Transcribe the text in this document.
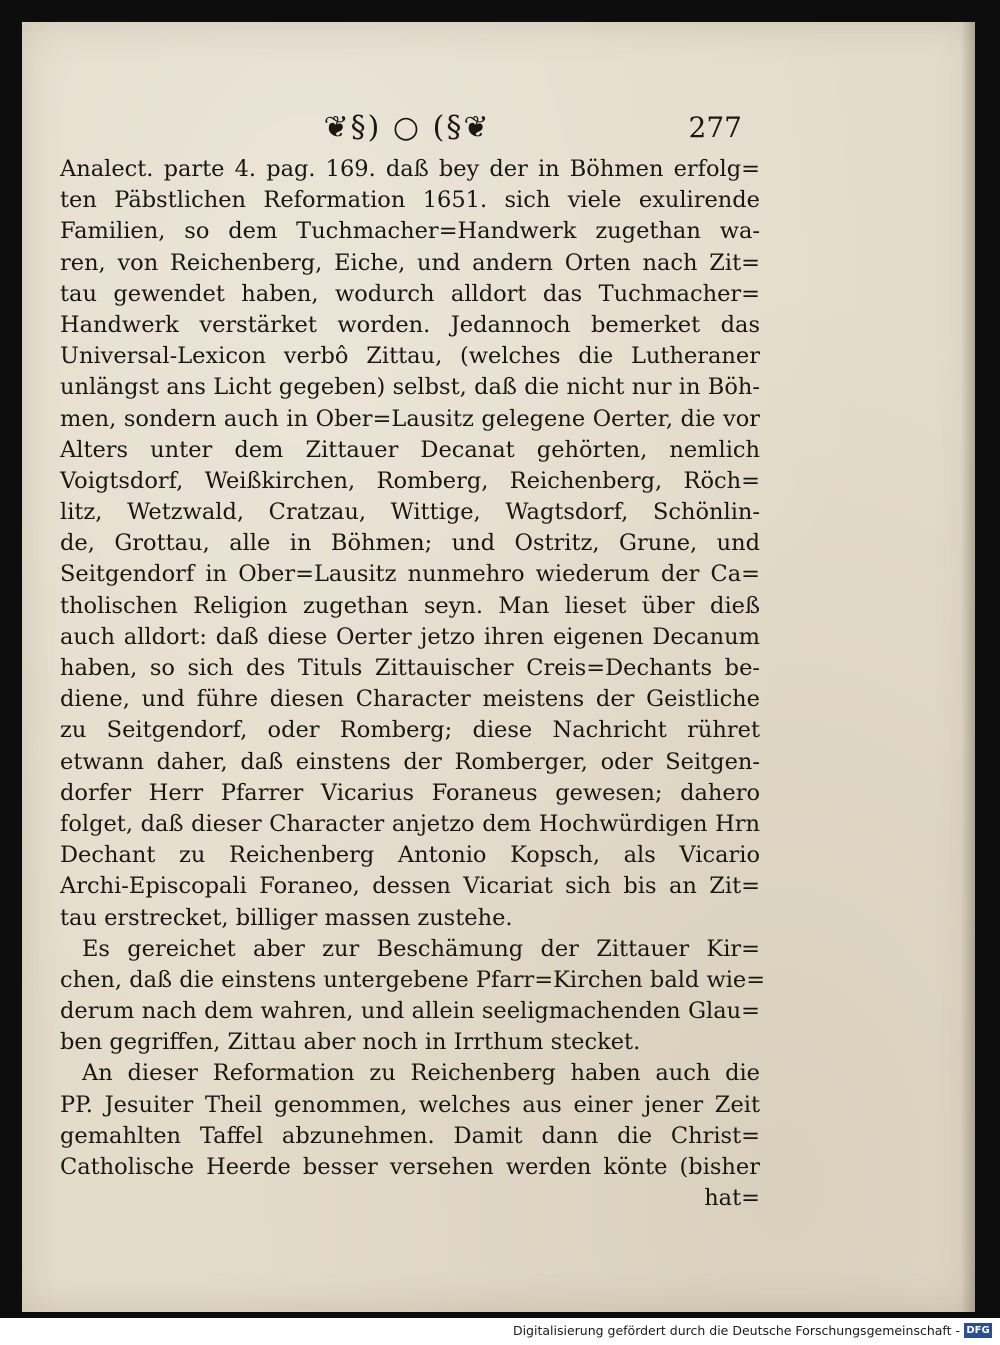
❦§) ○ (§❦	277
Analect. parte 4. pag. 169. daß bey der in Böhmen erfolg=
ten Päbstlichen Reformation 1651. sich viele exulirende
Familien, so dem Tuchmacher=Handwerk zugethan wa-
ren, von Reichenberg, Eiche, und andern Orten nach Zit=
tau gewendet haben, wodurch alldort das Tuchmacher=
Handwerk verstärket worden. Jedannoch bemerket das
Universal-Lexicon verbô Zittau, (welches die Lutheraner
unlängst ans Licht gegeben) selbst, daß die nicht nur in Böh-
men, sondern auch in Ober=Lausitz gelegene Oerter, die vor
Alters unter dem Zittauer Decanat gehörten, nemlich
Voigtsdorf, Weißkirchen, Romberg, Reichenberg, Röch=
litz, Wetzwald, Cratzau, Wittige, Wagtsdorf, Schönlin-
de, Grottau, alle in Böhmen; und Ostritz, Grune, und
Seitgendorf in Ober=Lausitz nunmehro wiederum der Ca=
tholischen Religion zugethan seyn. Man lieset über dieß
auch alldort: daß diese Oerter jetzo ihren eigenen Decanum
haben, so sich des Tituls Zittauischer Creis=Dechants be-
diene, und führe diesen Character meistens der Geistliche
zu Seitgendorf, oder Romberg; diese Nachricht rühret
etwann daher, daß einstens der Romberger, oder Seitgen-
dorfer Herr Pfarrer Vicarius Foraneus gewesen; dahero
folget, daß dieser Character anjetzo dem Hochwürdigen Hrn
Dechant zu Reichenberg Antonio Kopsch, als Vicario
Archi-Episcopali Foraneo, dessen Vicariat sich bis an Zit=
tau erstrecket, billiger massen zustehe.
Es gereichet aber zur Beschämung der Zittauer Kir=
chen, daß die einstens untergebene Pfarr=Kirchen bald wie=
derum nach dem wahren, und allein seeligmachenden Glau=
ben gegriffen, Zittau aber noch in Irrthum stecket.
An dieser Reformation zu Reichenberg haben auch die
PP. Jesuiter Theil genommen, welches aus einer jener Zeit
gemahlten Taffel abzunehmen. Damit dann die Christ=
Catholische Heerde besser versehen werden könte (bisher
hat=
Digitalisierung gefördert durch die Deutsche Forschungsgemeinschaft - DFG
